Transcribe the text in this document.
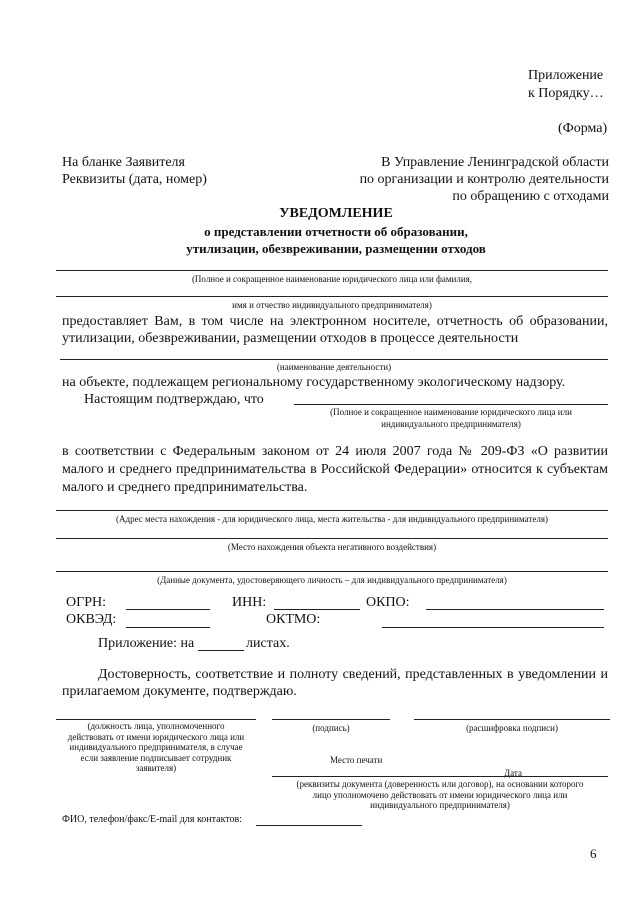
Приложение
к Порядку…
(Форма)
На бланке Заявителя
Реквизиты (дата, номер)
В Управление Ленинградской области
по организации и контролю деятельности
по обращению с отходами
УВЕДОМЛЕНИЕ
о представлении отчетности об образовании,
утилизации, обезвреживании, размещении отходов
(Полное и сокращенное наименование юридического лица или фамилия,
имя и отчество индивидуального предпринимателя)
предоставляет Вам, в том числе на электронном носителе, отчетность об образовании,
утилизации, обезвреживании, размещении отходов в процессе деятельности
(наименование деятельности)
на объекте, подлежащем региональному государственному экологическому надзору.
Настоящим подтверждаю, что
(Полное и сокращенное наименование юридического лица или
индивидуального предпринимателя)
в соответствии с Федеральным законом от 24 июля 2007 года № 209-ФЗ «О развитии
малого и среднего предпринимательства в Российской Федерации» относится к субъектам
малого и среднего предпринимательства.
(Адрес места нахождения - для юридического лица, места жительства - для индивидуального предпринимателя)
(Место нахождения объекта негативного воздействия)
(Данные документа, удостоверяющего личность – для индивидуального предпринимателя)
ОГРН:	ИНН:	ОКПО:
ОКВЭД:	ОКТМО:
Приложение: на	листах.
Достоверность, соответствие и полноту сведений, представленных в уведомлении и
прилагаемом документе, подтверждаю.
(должность лица, уполномоченного
действовать от имени юридического лица или
индивидуального предпринимателя, в случае
если заявление подписывает сотрудник
заявителя)
(подпись)	(расшифровка подписи)
Место печати
Дата
(реквизиты документа (доверенность или договор), на основании которого
лицо уполномочено действовать от имени юридического лица или
индивидуального предпринимателя)
ФИО, телефон/факс/E-mail для контактов:
6
